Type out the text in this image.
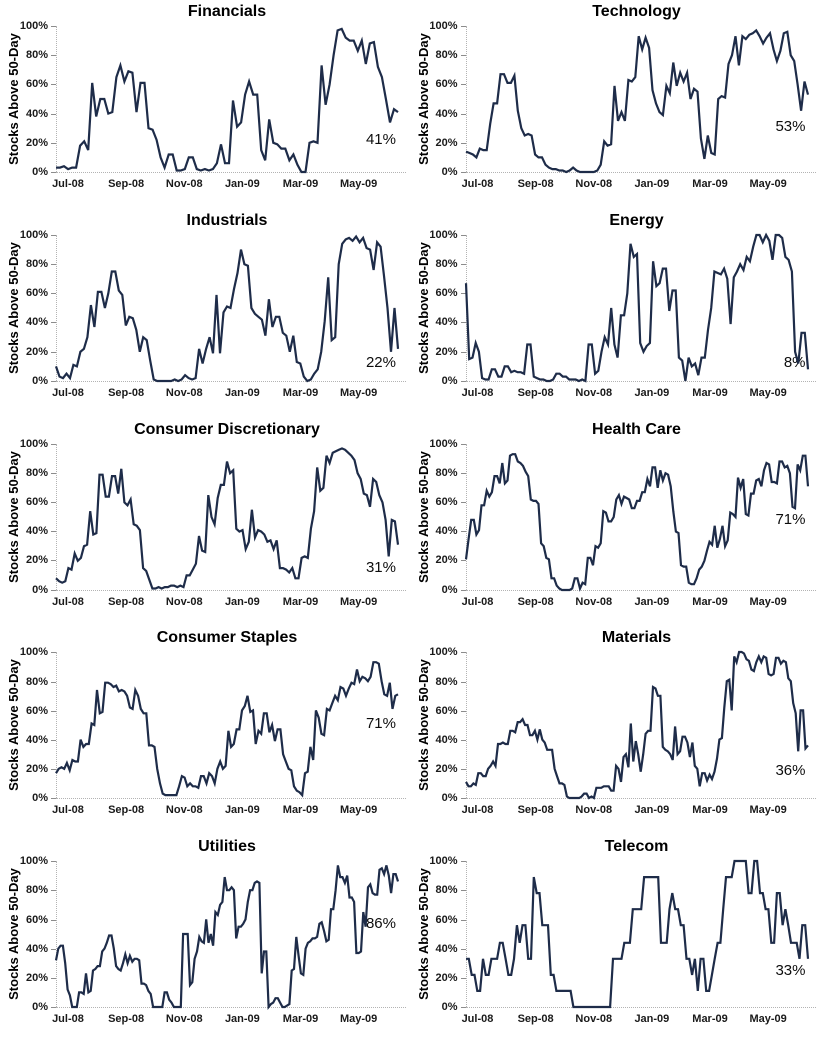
Financials
Stocks Above 50-Day	41%
0%
20%
40%
60%
80%
100%
Jul-08	Sep-08	Nov-08	Jan-09	Mar-09	May-09
Technology
Stocks Above 50-Day	53%
0%
20%
40%
60%
80%
100%
Jul-08	Sep-08	Nov-08	Jan-09	Mar-09	May-09
Industrials
Stocks Above 50-Day	22%
0%
20%
40%
60%
80%
100%
Jul-08	Sep-08	Nov-08	Jan-09	Mar-09	May-09
Energy
Stocks Above 50-Day	8%
0%
20%
40%
60%
80%
100%
Jul-08	Sep-08	Nov-08	Jan-09	Mar-09	May-09
Consumer Discretionary
Stocks Above 50-Day	31%
0%
20%
40%
60%
80%
100%
Jul-08	Sep-08	Nov-08	Jan-09	Mar-09	May-09
Health Care
Stocks Above 50-Day	71%
0%
20%
40%
60%
80%
100%
Jul-08	Sep-08	Nov-08	Jan-09	Mar-09	May-09
Consumer Staples
Stocks Above 50-Day	71%
0%
20%
40%
60%
80%
100%
Jul-08	Sep-08	Nov-08	Jan-09	Mar-09	May-09
Materials
Stocks Above 50-Day	36%
0%
20%
40%
60%
80%
100%
Jul-08	Sep-08	Nov-08	Jan-09	Mar-09	May-09
Utilities
Stocks Above 50-Day	86%
0%
20%
40%
60%
80%
100%
Jul-08	Sep-08	Nov-08	Jan-09	Mar-09	May-09
Telecom
Stocks Above 50-Day	33%
0%
20%
40%
60%
80%
100%
Jul-08	Sep-08	Nov-08	Jan-09	Mar-09	May-09
